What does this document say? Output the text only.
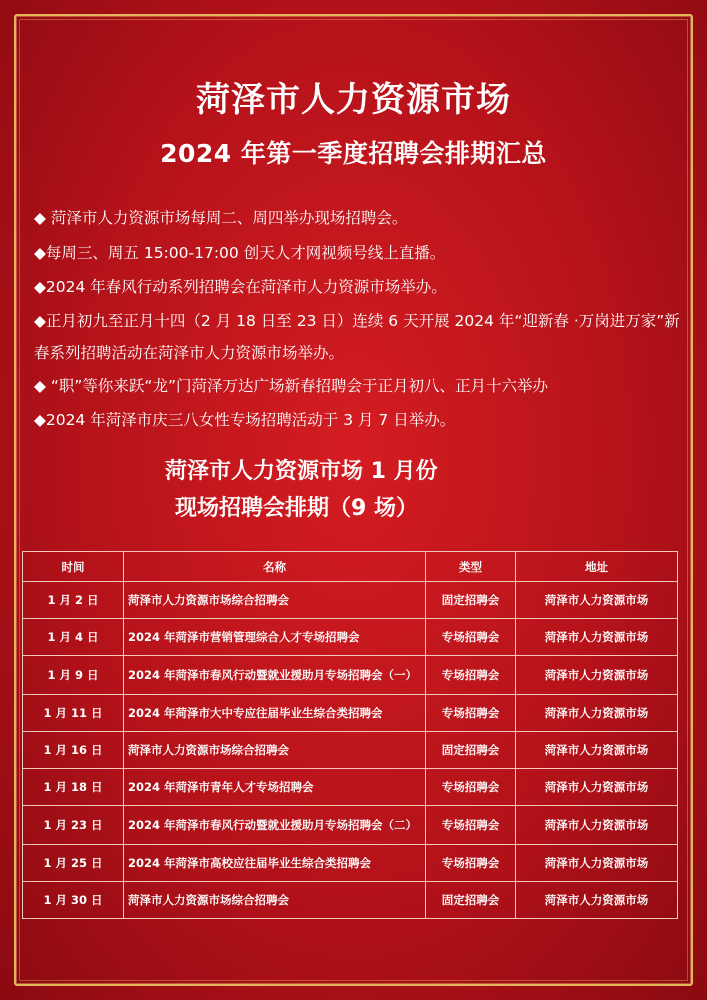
菏泽市人力资源市场
2024 年第一季度招聘会排期汇总
◆ 菏泽市人力资源市场每周二、周四举办现场招聘会。
◆每周三、周五 15:00-17:00 创天人才网视频号线上直播。
◆2024 年春风行动系列招聘会在菏泽市人力资源市场举办。
◆正月初九至正月十四（2 月 18 日至 23 日）连续 6 天开展 2024 年“迎新春 ·万岗进万家”新春系列招聘活动在菏泽市人力资源市场举办。
◆ “职”等你来跃“龙”门菏泽万达广场新春招聘会于正月初八、正月十六举办
◆2024 年菏泽市庆三八女性专场招聘活动于 3 月 7 日举办。
菏泽市人力资源市场 1 月份
现场招聘会排期（9 场）
时间	名称	类型	地址
1 月 2 日	菏泽市人力资源市场综合招聘会	固定招聘会	菏泽市人力资源市场
1 月 4 日	2024 年菏泽市营销管理综合人才专场招聘会	专场招聘会	菏泽市人力资源市场
1 月 9 日	2024 年菏泽市春风行动暨就业援助月专场招聘会（一）	专场招聘会	菏泽市人力资源市场
1 月 11 日	2024 年菏泽市大中专应往届毕业生综合类招聘会	专场招聘会	菏泽市人力资源市场
1 月 16 日	菏泽市人力资源市场综合招聘会	固定招聘会	菏泽市人力资源市场
1 月 18 日	2024 年菏泽市青年人才专场招聘会	专场招聘会	菏泽市人力资源市场
1 月 23 日	2024 年菏泽市春风行动暨就业援助月专场招聘会（二）	专场招聘会	菏泽市人力资源市场
1 月 25 日	2024 年菏泽市高校应往届毕业生综合类招聘会	专场招聘会	菏泽市人力资源市场
1 月 30 日	菏泽市人力资源市场综合招聘会	固定招聘会	菏泽市人力资源市场
